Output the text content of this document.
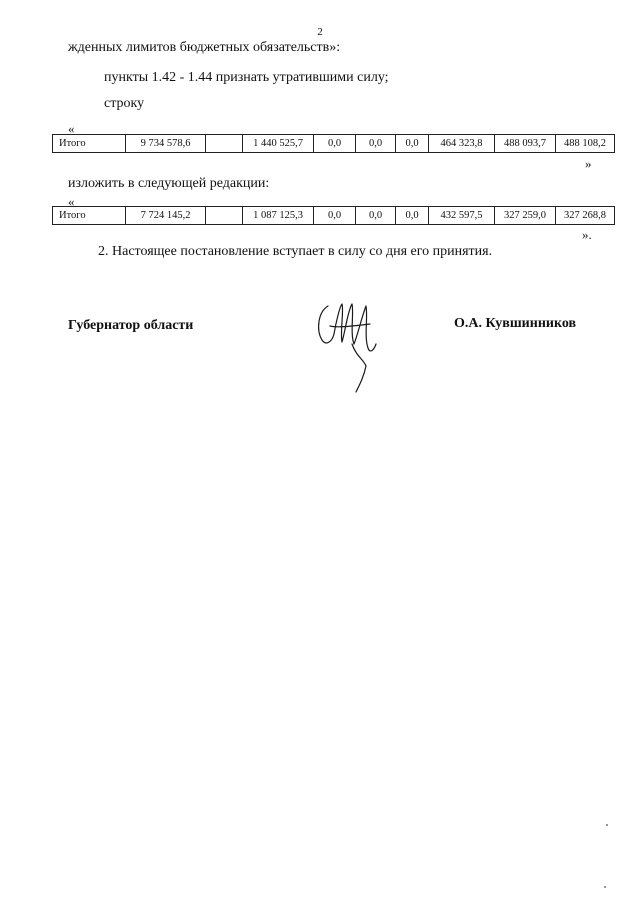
2
жденных лимитов бюджетных обязательств»:
пункты 1.42 - 1.44 признать утратившими силу;
строку
«
Итого	9 734 578,6		1 440 525,7	0,0	0,0	0,0	464 323,8	488 093,7	488 108,2
»
изложить в следующей редакции:
«
Итого	7 724 145,2		1 087 125,3	0,0	0,0	0,0	432 597,5	327 259,0	327 268,8
».
2. Настоящее постановление вступает в силу со дня его принятия.
Губернатор области	О.А. Кувшинников
